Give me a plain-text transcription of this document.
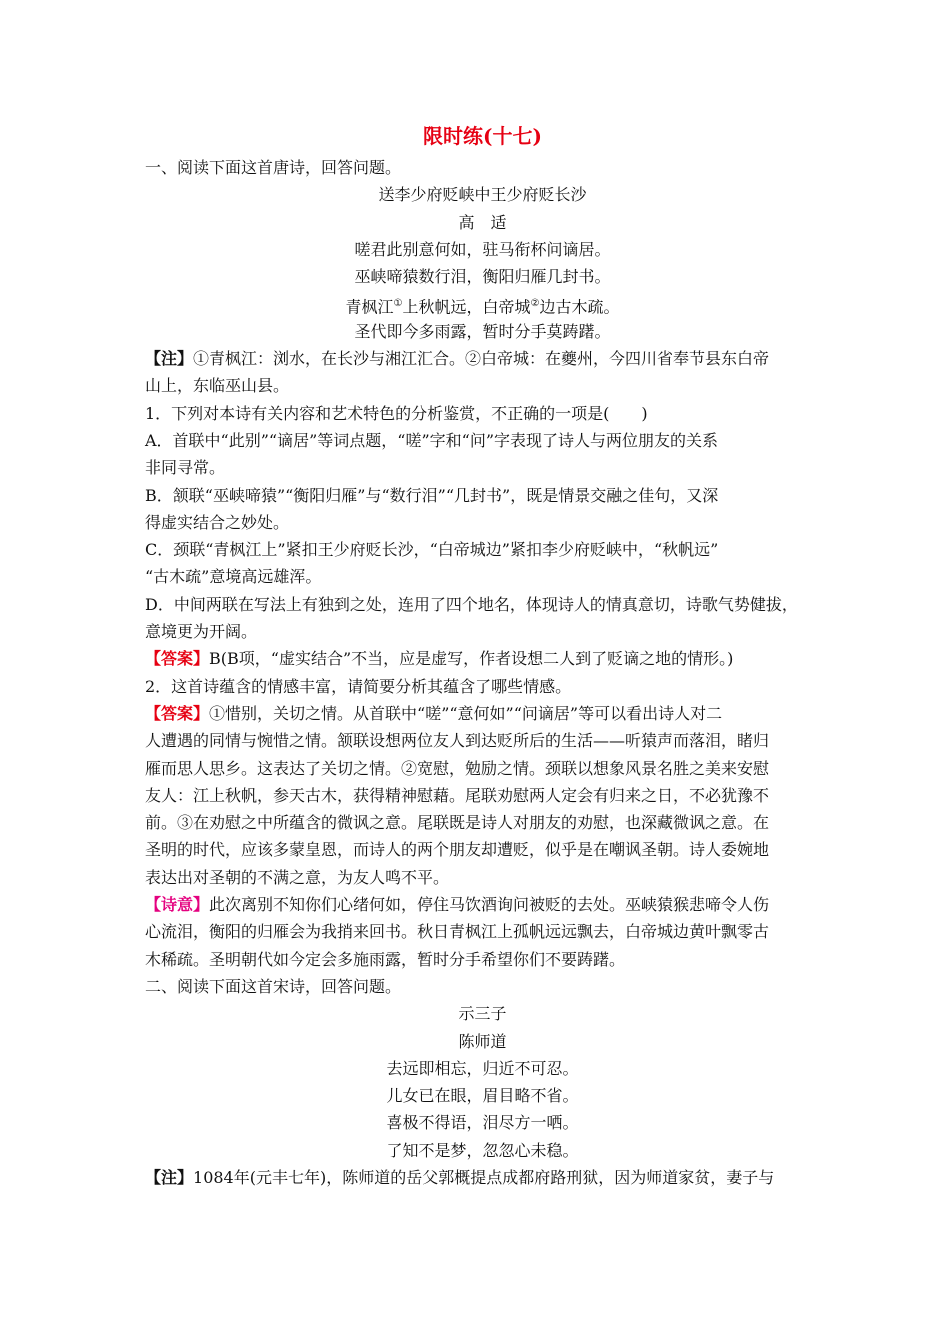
限时练(十七)
一、阅读下面这首唐诗，回答问题。
送李少府贬峡中王少府贬长沙
高　适
嗟君此别意何如，驻马衔杯问谪居。
巫峡啼猿数行泪，衡阳归雁几封书。
青枫江①上秋帆远，白帝城②边古木疏。
圣代即今多雨露，暂时分手莫踌躇。
【注】①青枫江：浏水，在长沙与湘江汇合。②白帝城：在夔州，今四川省奉节县东白帝
山上，东临巫山县。
1．下列对本诗有关内容和艺术特色的分析鉴赏，不正确的一项是(　　)
A．首联中“此别”“谪居”等词点题，“嗟”字和“问”字表现了诗人与两位朋友的关系
非同寻常。
B．颔联“巫峡啼猿”“衡阳归雁”与“数行泪”“几封书”，既是情景交融之佳句，又深
得虚实结合之妙处。
C．颈联“青枫江上”紧扣王少府贬长沙，“白帝城边”紧扣李少府贬峡中，“秋帆远”
“古木疏”意境高远雄浑。
D．中间两联在写法上有独到之处，连用了四个地名，体现诗人的情真意切，诗歌气势健拔，
意境更为开阔。
【答案】B(B项，“虚实结合”不当，应是虚写，作者设想二人到了贬谪之地的情形。)
2．这首诗蕴含的情感丰富，请简要分析其蕴含了哪些情感。
【答案】①惜别，关切之情。从首联中“嗟”“意何如”“问谪居”等可以看出诗人对二
人遭遇的同情与惋惜之情。颔联设想两位友人到达贬所后的生活——听猿声而落泪，睹归
雁而思人思乡。这表达了关切之情。②宽慰，勉励之情。颈联以想象风景名胜之美来安慰
友人：江上秋帆，参天古木，获得精神慰藉。尾联劝慰两人定会有归来之日，不必犹豫不
前。③在劝慰之中所蕴含的微讽之意。尾联既是诗人对朋友的劝慰，也深藏微讽之意。在
圣明的时代，应该多蒙皇恩，而诗人的两个朋友却遭贬，似乎是在嘲讽圣朝。诗人委婉地
表达出对圣朝的不满之意，为友人鸣不平。
【诗意】此次离别不知你们心绪何如，停住马饮酒询问被贬的去处。巫峡猿猴悲啼令人伤
心流泪，衡阳的归雁会为我捎来回书。秋日青枫江上孤帆远远飘去，白帝城边黄叶飘零古
木稀疏。圣明朝代如今定会多施雨露，暂时分手希望你们不要踌躇。
二、阅读下面这首宋诗，回答问题。
示三子
陈师道
去远即相忘，归近不可忍。
儿女已在眼，眉目略不省。
喜极不得语，泪尽方一哂。
了知不是梦，忽忽心未稳。
【注】1084年(元丰七年)，陈师道的岳父郭概提点成都府路刑狱，因为师道家贫，妻子与
